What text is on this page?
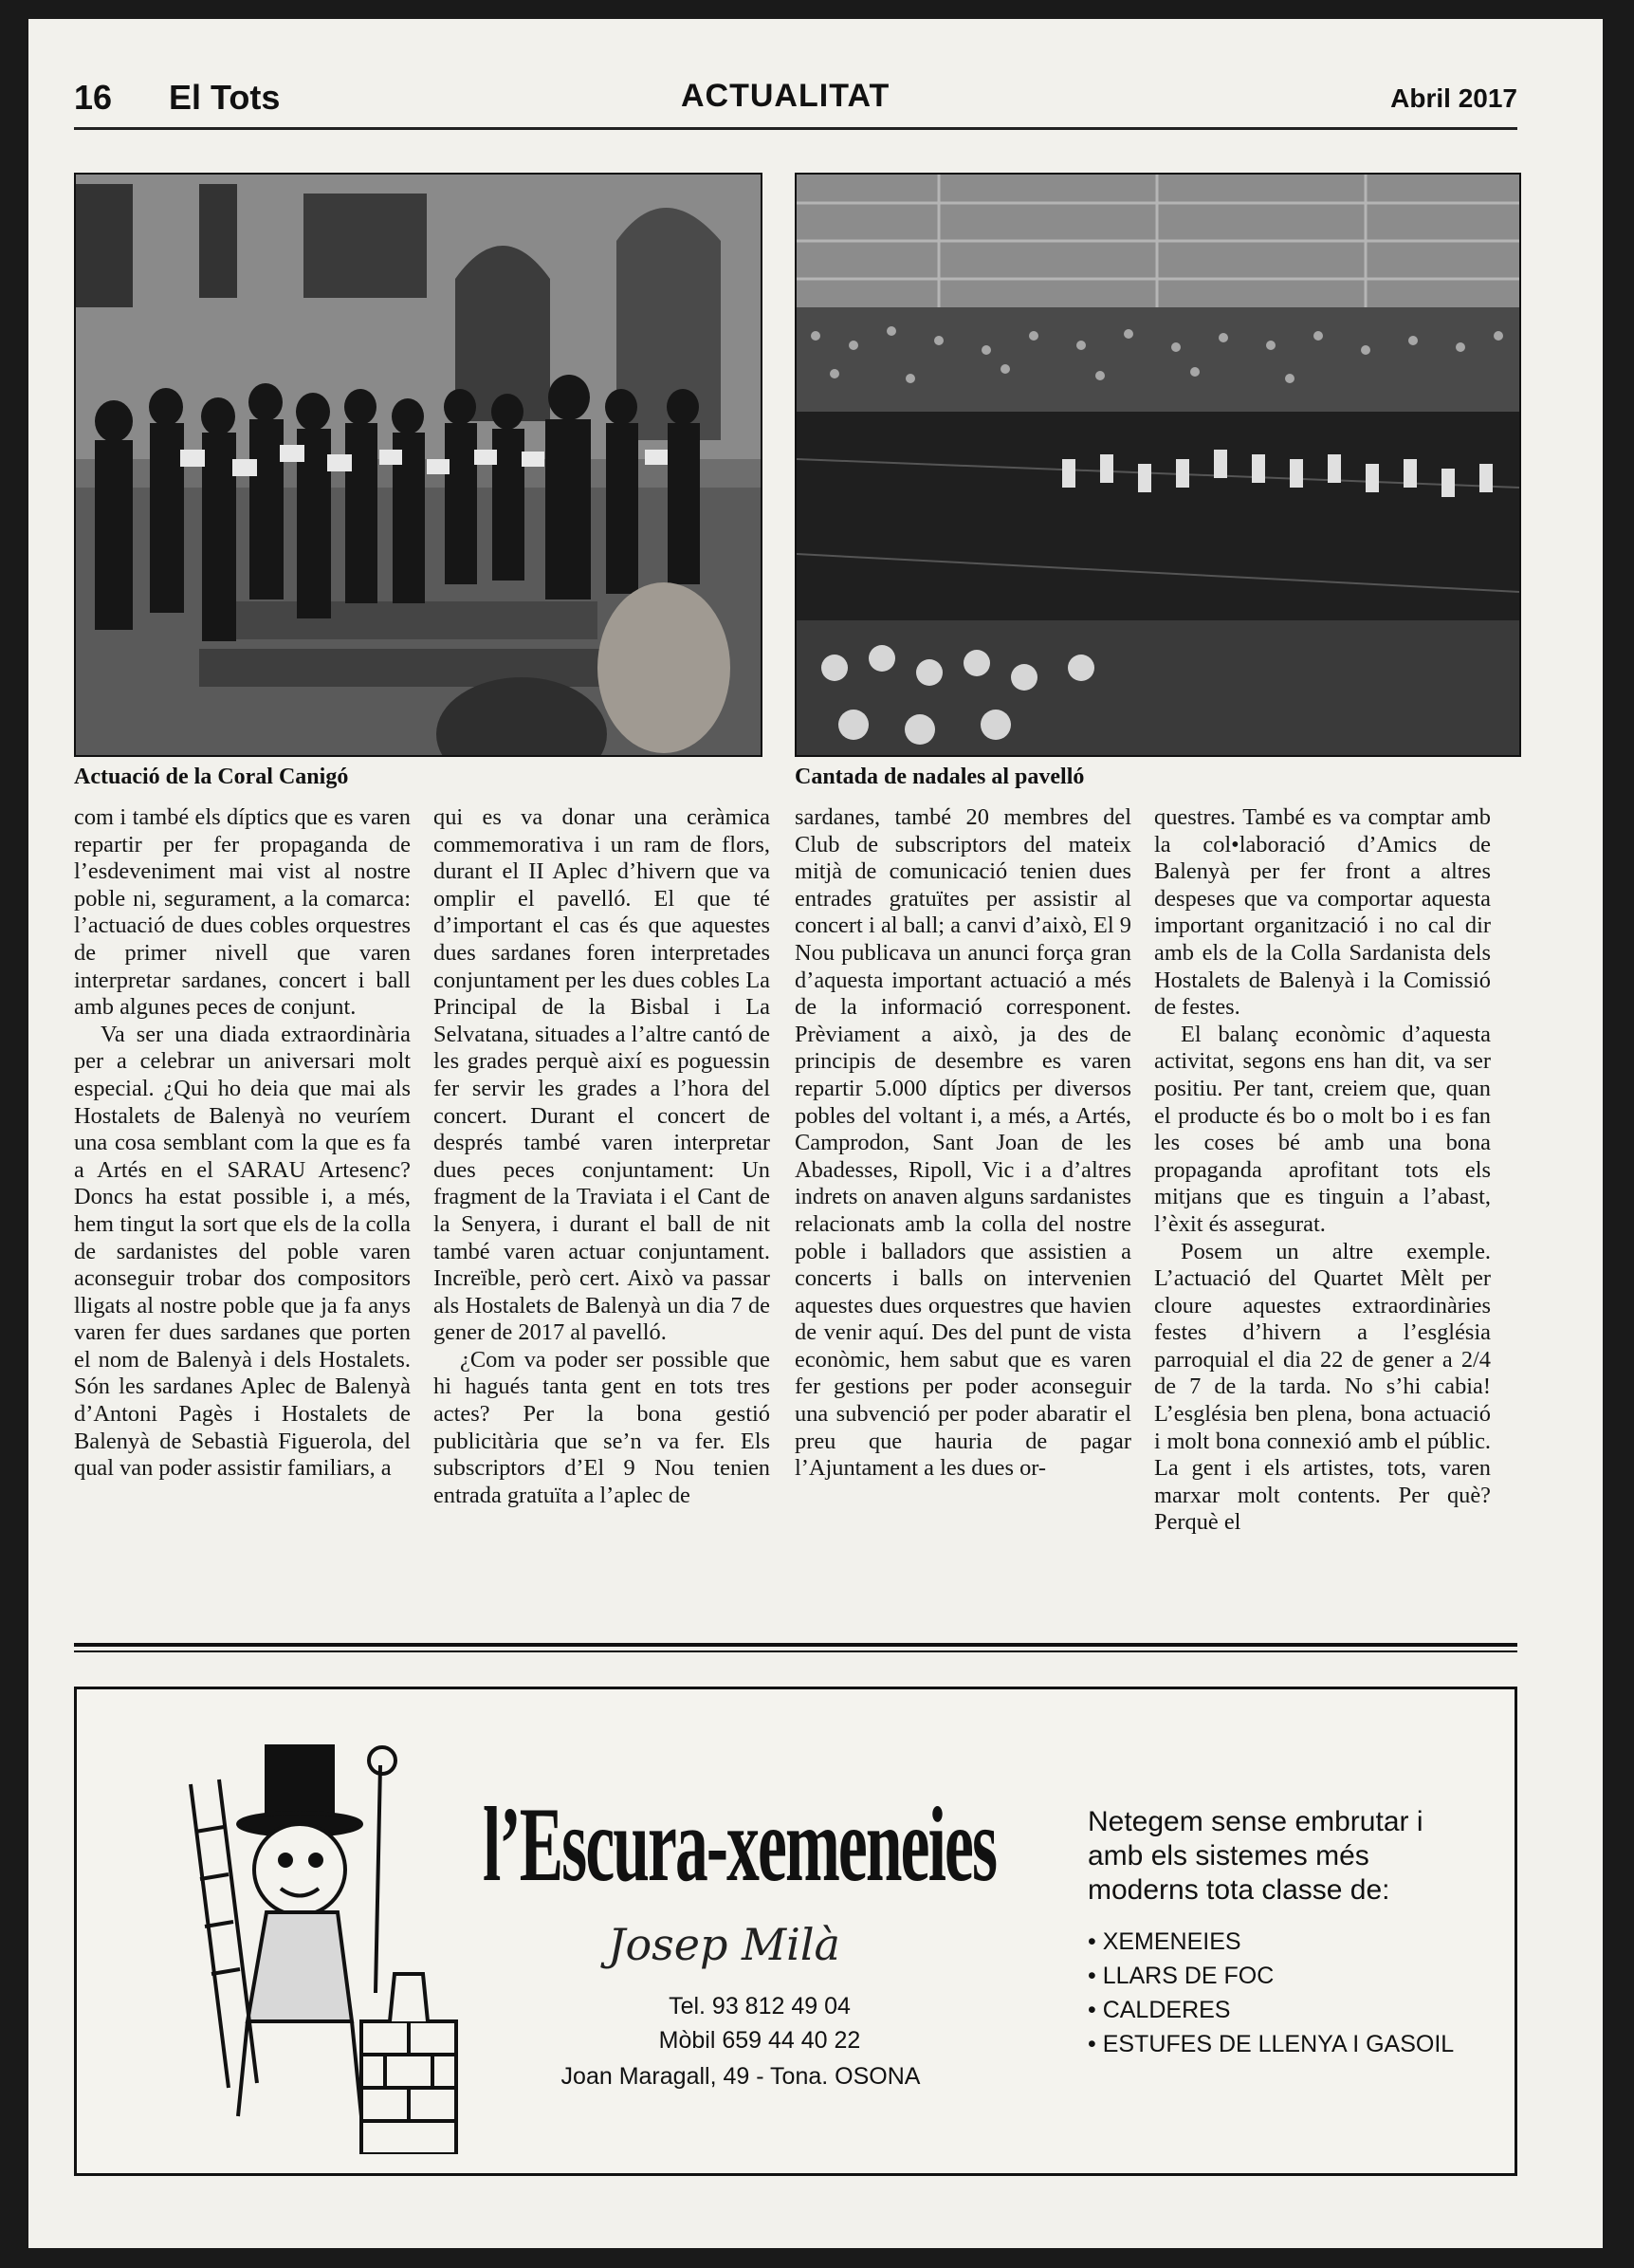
16 El Tots	ACTUALITAT	Abril 2017
Actuació de la Coral Canigó	Cantada de nadales al pavelló

com i també els díptics que es varen repartir per fer propaganda de l’esdeveniment mai vist al nostre poble ni, segurament, a la comarca: l’actuació de dues cobles orquestres de primer nivell que varen interpretar sardanes, concert i ball amb algunes peces de conjunt.

Va ser una diada extraordinària per a celebrar un aniversari molt especial. ¿Qui ho deia que mai als Hostalets de Balenyà no veuríem una cosa semblant com la que es fa a Artés en el SARAU Artesenc? Doncs ha estat possible i, a més, hem tingut la sort que els de la colla de sardanistes del poble varen aconseguir trobar dos compositors lligats al nostre poble que ja fa anys varen fer dues sardanes que porten el nom de Balenyà i dels Hostalets. Són les sardanes Aplec de Balenyà d’Antoni Pagès i Hostalets de Balenyà de Sebastià Figuerola, del qual van poder assistir familiars, a

qui es va donar una ceràmica commemorativa i un ram de flors, durant el II Aplec d’hivern que va omplir el pavelló. El que té d’important el cas és que aquestes dues sardanes foren interpretades conjuntament per les dues cobles La Principal de la Bisbal i La Selvatana, situades a l’altre cantó de les grades perquè així es poguessin fer servir les grades a l’hora del concert. Durant el concert de després també varen interpretar dues peces conjuntament: Un fragment de la Traviata i el Cant de la Senyera, i durant el ball de nit també varen actuar conjuntament. Increïble, però cert. Això va passar als Hostalets de Balenyà un dia 7 de gener de 2017 al pavelló.

¿Com va poder ser possible que hi hagués tanta gent en tots tres actes? Per la bona gestió publicitària que se’n va fer. Els subscriptors d’El 9 Nou tenien entrada gratuïta a l’aplec de

sardanes, també 20 membres del Club de subscriptors del mateix mitjà de comunicació tenien dues entrades gratuïtes per assistir al concert i al ball; a canvi d’això, El 9 Nou publicava un anunci força gran d’aquesta important actuació a més de la informació corresponent. Prèviament a això, ja des de principis de desembre es varen repartir 5.000 díptics per diversos pobles del voltant i, a més, a Artés, Camprodon, Sant Joan de les Abadesses, Ripoll, Vic i a d’altres indrets on anaven alguns sardanistes relacionats amb la colla del nostre poble i balladors que assistien a concerts i balls on intervenien aquestes dues orquestres que havien de venir aquí. Des del punt de vista econòmic, hem sabut que es varen fer gestions per poder aconseguir una subvenció per poder abaratir el preu que hauria de pagar l’Ajuntament a les dues or-

questres. També es va comptar amb la col•laboració d’Amics de Balenyà per fer front a altres despeses que va comportar aquesta important organització i no cal dir amb els de la Colla Sardanista dels Hostalets de Balenyà i la Comissió de festes.

El balanç econòmic d’aquesta activitat, segons ens han dit, va ser positiu. Per tant, creiem que, quan el producte és bo o molt bo i es fan les coses bé amb una bona propaganda aprofitant tots els mitjans que es tinguin a l’abast, l’èxit és assegurat.

Posem un altre exemple. L’actuació del Quartet Mèlt per cloure aquestes extraordinàries festes d’hivern a l’església parroquial el dia 22 de gener a 2/4 de 7 de la tarda. No s’hi cabia! L’església ben plena, bona actuació i molt bona connexió amb el públic. La gent i els artistes, tots, varen marxar molt contents. Per què? Perquè el

l’Escura-xemeneies
Josep Milà
Tel. 93 812 49 04
Mòbil 659 44 40 22
Joan Maragall, 49 - Tona. OSONA
Netegem sense embrutar i amb els sistemes més moderns tota classe de:
• XEMENEIES
• LLARS DE FOC
• CALDERES
• ESTUFES DE LLENYA I GASOIL
